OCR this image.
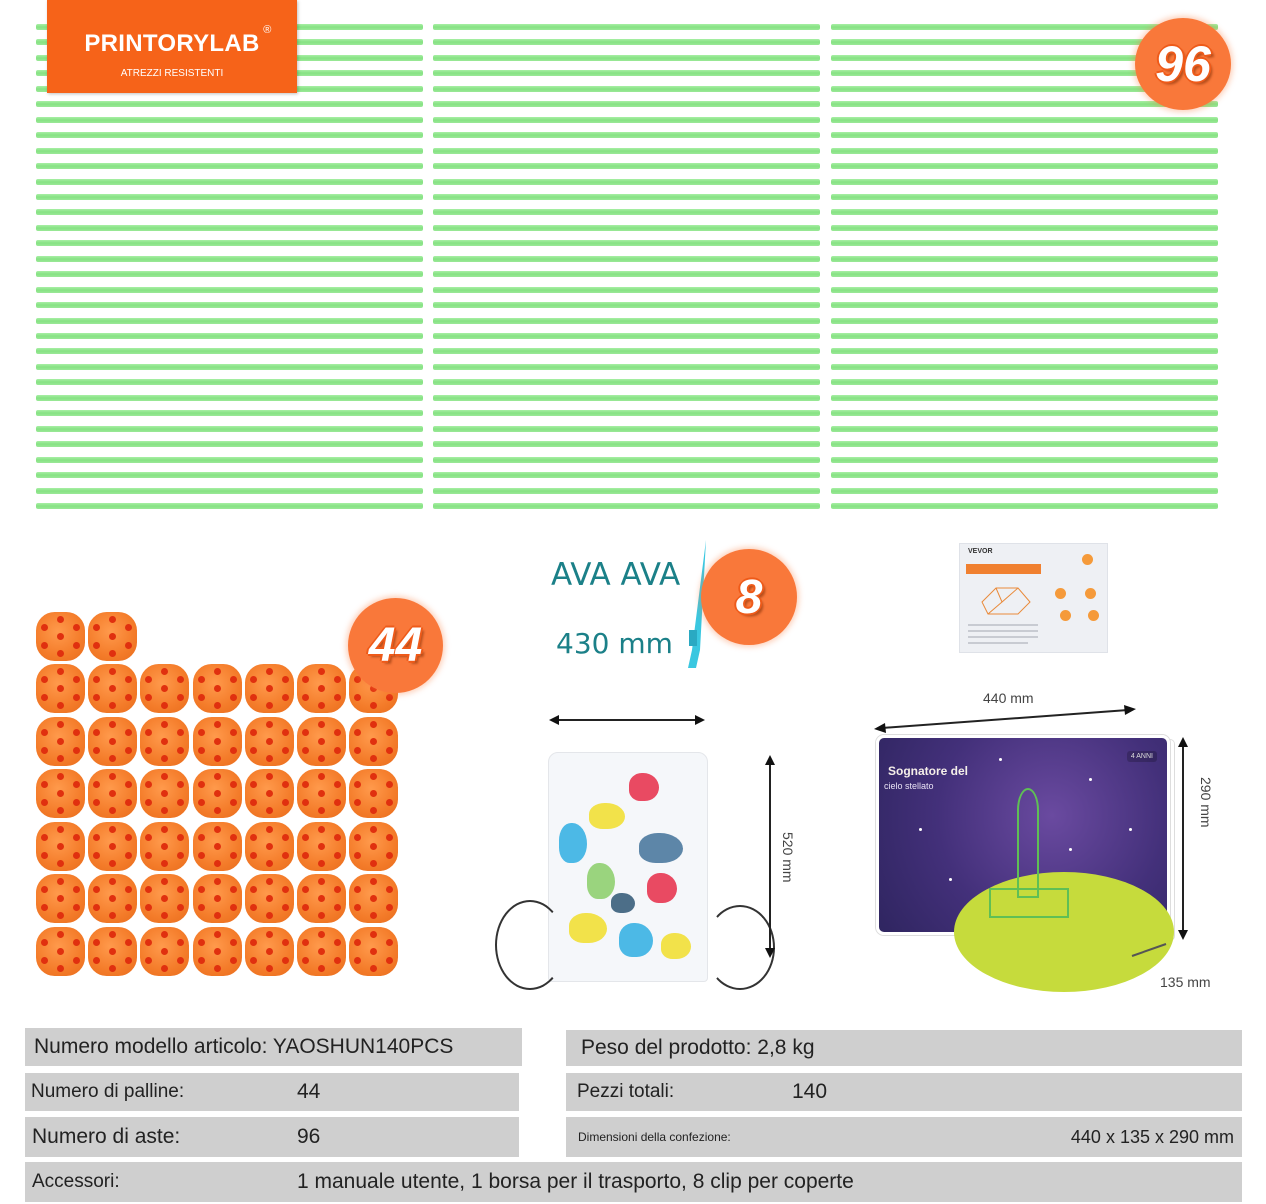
PRINTORYLAB ®
ATREZZI RESISTENTI	96
44
AVA AVA
430 mm
8
VEVOR
520 mm
440 mm
Sognatore del
cielo stellato
4 ANNI
290 mm
135 mm
Numero modello articolo: YAOSHUN140PCS	Peso del prodotto: 2,8 kg
Numero di palline:	44	Pezzi totali:	140
Numero di aste:	96	Dimensioni della confezione:	440 x 135 x 290 mm
Accessori:	1 manuale utente, 1 borsa per il trasporto, 8 clip per coperte
